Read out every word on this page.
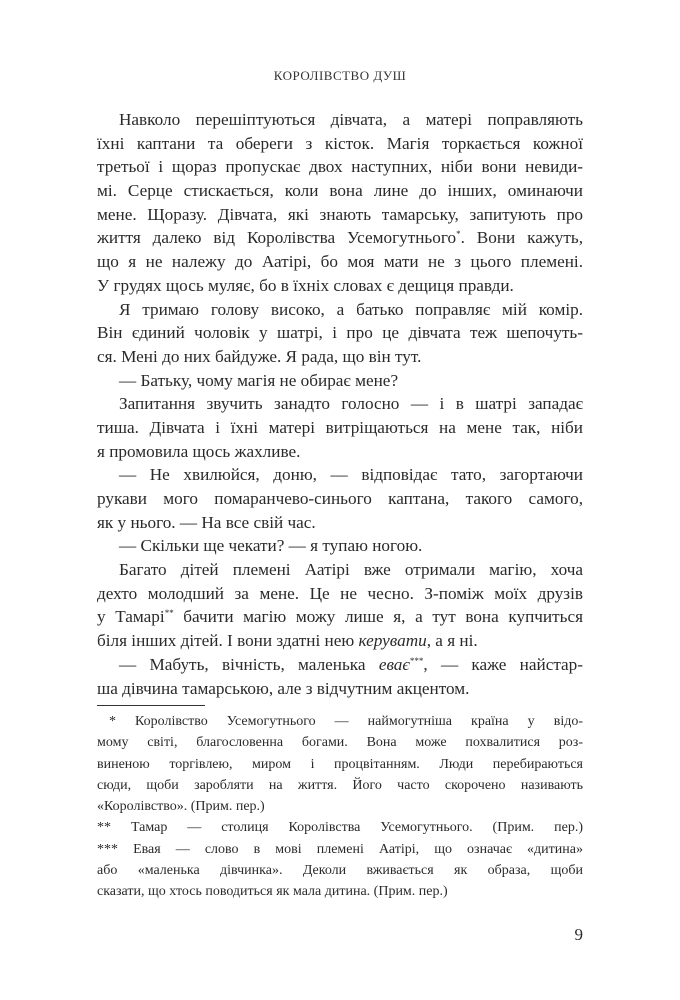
КОРОЛІВСТВО ДУШ
Навколо перешіптуються дівчата, а матері поправляють
їхні каптани та обереги з кісток. Магія торкається кожної
третьої і щораз пропускає двох наступних, ніби вони невиди-
мі. Серце стискається, коли вона лине до інших, оминаючи
мене. Щоразу. Дівчата, які знають тамарську, запитують про
життя далеко від Королівства Усемогутнього*. Вони кажуть,
що я не належу до Аатірі, бо моя мати не з цього племені.
У грудях щось муляє, бо в їхніх словах є дещиця правди.
Я тримаю голову високо, а батько поправляє мій комір.
Він єдиний чоловік у шатрі, і про це дівчата теж шепочуть-
ся. Мені до них байдуже. Я рада, що він тут.
— Батьку, чому магія не обирає мене?
Запитання звучить занадто голосно — і в шатрі западає
тиша. Дівчата і їхні матері витріщаються на мене так, ніби
я промовила щось жахливе.
— Не хвилюйся, доню, — відповідає тато, загортаючи
рукави мого помаранчево-синього каптана, такого самого,
як у нього. — На все свій час.
— Скільки ще чекати? — я тупаю ногою.
Багато дітей племені Аатірі вже отримали магію, хоча
дехто молодший за мене. Це не чесно. З-поміж моїх друзів
у Тамарі** бачити магію можу лише я, а тут вона купчиться
біля інших дітей. І вони здатні нею керувати, а я ні.
— Мабуть, вічність, маленька еває***, — каже найстар-
ша дівчина тамарською, але з відчутним акцентом.
* Королівство Усемогутнього — наймогутніша країна у відо-
мому світі, благословенна богами. Вона може похвалитися роз-
виненою торгівлею, миром і процвітанням. Люди перебираються
сюди, щоби заробляти на життя. Його часто скорочено називають
«Королівство». (Прим. пер.)
** Тамар — столиця Королівства Усемогутнього. (Прим. пер.)
*** Евая — слово в мові племені Аатірі, що означає «дитина»
або «маленька дівчинка». Деколи вживається як образа, щоби
сказати, що хтось поводиться як мала дитина. (Прим. пер.)
9
